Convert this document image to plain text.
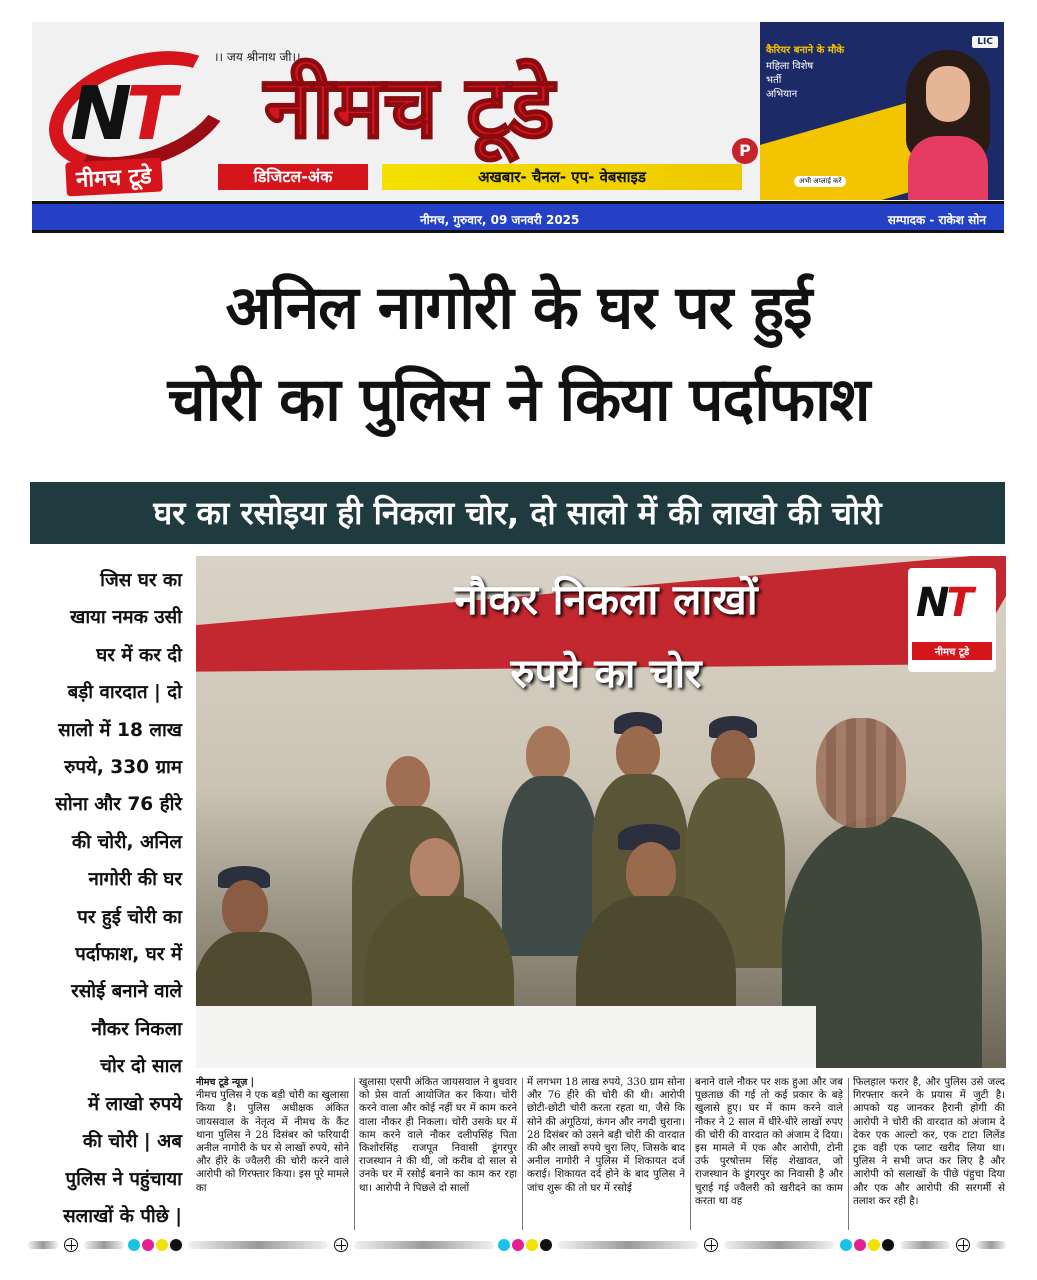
NT
नीमच टूडे
।। जय श्रीनाथ जी।।
नीमच टूडे
डिजिटल-अंक	अखबार- चैनल- एप- वेबसाइड
P
LIC
कैरियर बनाने के मौके
महिला विशेष
भर्ती
अभियान
अभी अप्लाई करें
नीमच, गुरुवार, 09 जनवरी 2025	सम्पादक - राकेश सोन
अनिल नागोरी के घर पर हुई
चोरी का पुलिस ने किया पर्दाफाश
घर का रसोइया ही निकला चोर, दो सालो में की लाखो की चोरी
जिस घर का
खाया नमक उसी
घर में कर दी
बड़ी वारदात | दो
सालो में 18 लाख
रुपये, 330 ग्राम
सोना और 76 हीरे
की चोरी, अनिल
नागोरी की घर
पर हुई चोरी का
पर्दाफाश, घर में
रसोई बनाने वाले
नौकर निकला
चोर दो साल
में लाखो रुपये
की चोरी | अब
पुलिस ने पहुंचाया
सलाखों के पीछे |
नौकर निकला लाखों
रुपये का चोर
NT
नीमच टूडे
नीमच टूडे न्यूज़ |
नीमच पुलिस ने एक बड़ी चोरी का खुलासा किया है। पुलिस अधीक्षक अंकित जायसवाल के नेतृत्व में नीमच के कैंट थाना पुलिस ने 28 दिसंबर को फरियादी अनील नागोरी के घर से लाखों रुपये, सोने और हीरे के ज्वैलरी की चोरी करने वाले आरोपी को गिरफ्तार किया। इस पूरे मामले का
खुलासा एसपी अंकित जायसवाल ने बुधवार को प्रेस वार्ता आयोजित कर किया। चोरी करने वाला और कोई नहीं घर में काम करने वाला नौकर ही निकला। चोरी उसके घर में काम करने वाले नौकर दलीपसिंह पिता किशोरसिंह राजपूत निवासी डूंगरपुर राजस्थान ने की थी, जो करीब दो साल से उनके घर में रसोई बनाने का काम कर रहा था। आरोपी ने पिछले दो सालों
में लगभग 18 लाख रुपये, 330 ग्राम सोना और 76 हीरे की चोरी की थी। आरोपी छोटी-छोटी चोरी करता रहता था, जैसे कि सोने की अंगूठियां, कंगन और नगदी चुराना। 28 दिसंबर को उसने बड़ी चोरी की वारदात की और लाखों रुपये चुरा लिए, जिसके बाद अनील नागोरी ने पुलिस में शिकायत दर्ज कराई। शिकायत दर्द होने के बाद पुलिस ने जांच शुरू की तो घर में रसोई
बनाने वाले नौकर पर शक हुआ और जब पूछताछ की गई तो कई प्रकार के बड़े खुलासे हुए। घर में काम करने वाले नौकर ने 2 साल में धीरे-धीरे लाखों रुपए की चोरी की वारदात को अंजाम दे दिया। इस मामले में एक और आरोपी, टोनी उर्फ पुरषोत्तम सिंह शेखावत, जो राजस्थान के डूंगरपुर का निवासी है और चुराई गई ज्वैलरी को खरीदने का काम करता था वह
फिलहाल फरार है, और पुलिस उसे जल्द गिरफ्तार करने के प्रयास में जुटी है। आपको यह जानकर हैरानी होगी की आरोपी ने चोरी की वारदात को अंजाम दे देकर एक आल्टो कर, एक टाटा लिलेंड ट्रक वही एक प्लाट खरीद लिया था। पुलिस ने सभी जप्त कर लिए है और आरोपी को सलाखों के पीछे पंहुचा दिया और एक और आरोपी की सरगर्मी से तलाश कर रही है।
